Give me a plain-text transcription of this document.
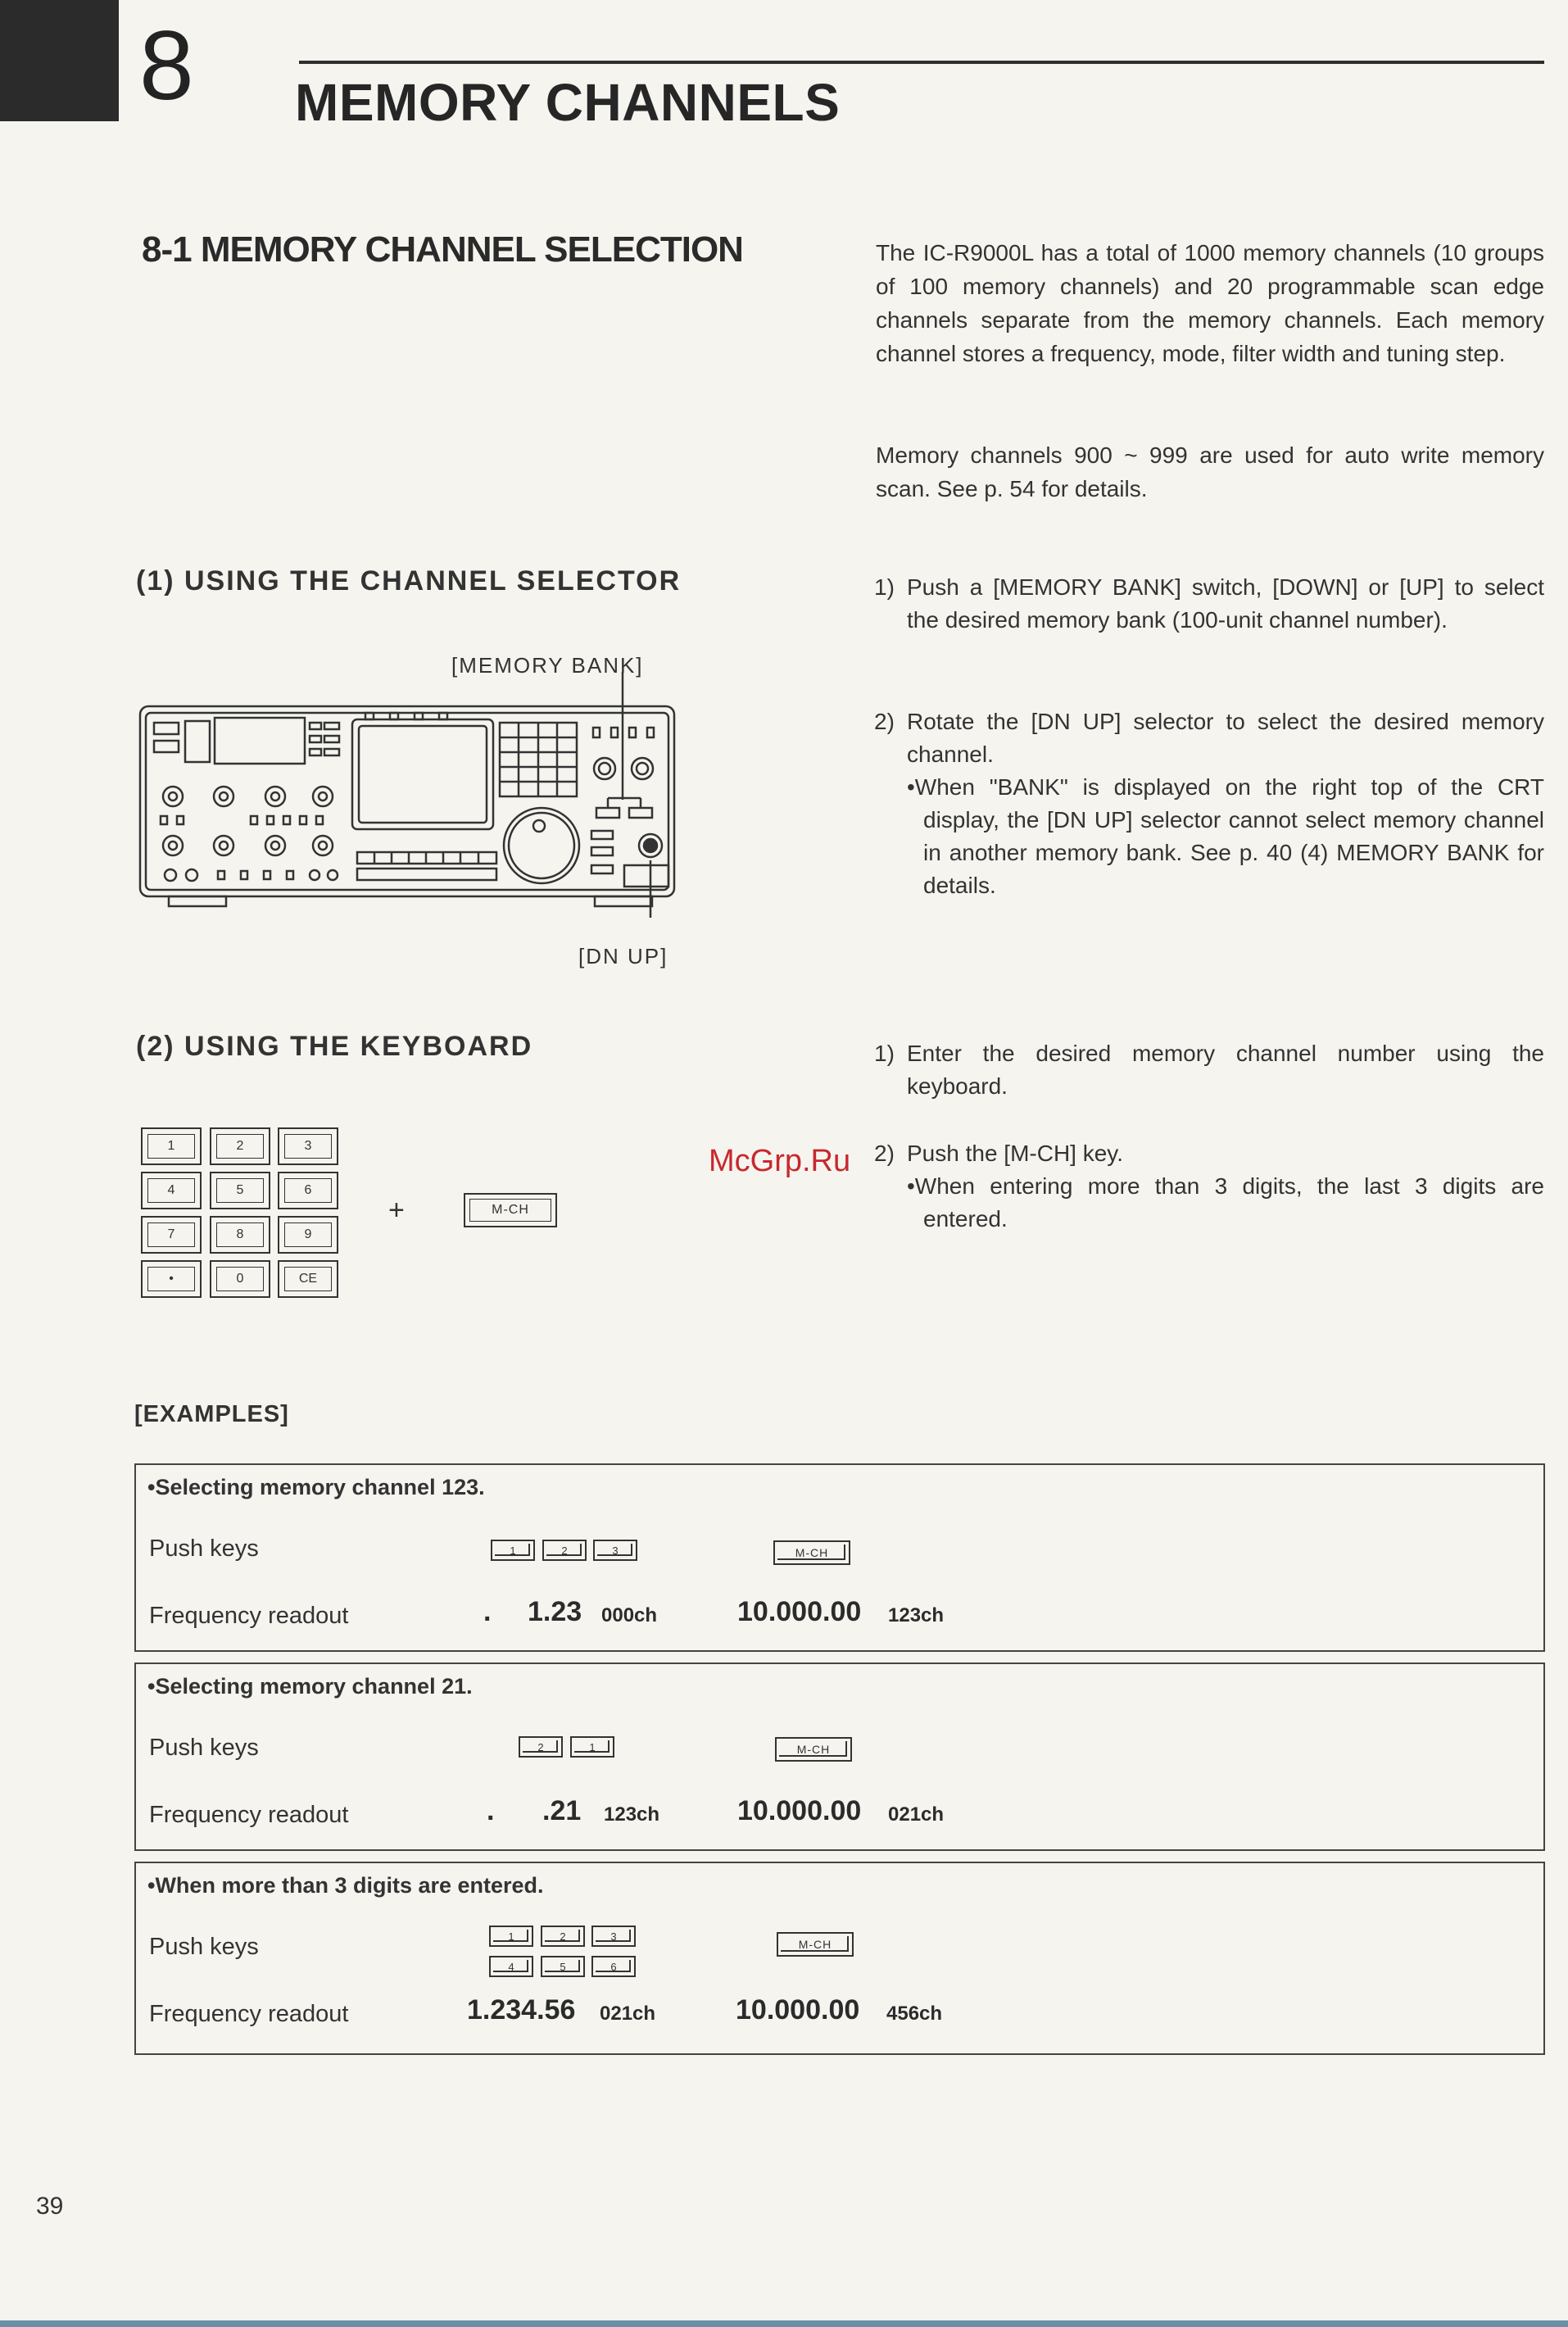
8 MEMORY CHANNELS
8-1 MEMORY CHANNEL SELECTION	The IC-R9000L has a total of 1000 memory channels (10 groups of 100 memory channels) and 20 programmable scan edge channels separate from the memory channels. Each memory channel stores a frequency, mode, filter width and tuning step.
Memory channels 900 ~ 999 are used for auto write memory scan. See p. 54 for details.
(1) USING THE CHANNEL SELECTOR
[MEMORY BANK]
[DN UP]
1) Push a [MEMORY BANK] switch, [DOWN] or [UP] to select the desired memory bank (100-unit channel number).
2) Rotate the [DN UP] selector to select the desired memory channel.
•When "BANK" is displayed on the right top of the CRT display, the [DN UP] selector cannot select memory channel in another memory bank. See p. 40 (4) MEMORY BANK for details.
(2) USING THE KEYBOARD
1	2	3
4	5	6
7	8	9
•	0	CE
+	M-CH
1) Enter the desired memory channel number using the keyboard.
2) Push the [M-CH] key.
•When entering more than 3 digits, the last 3 digits are entered.
McGrp.Ru
[EXAMPLES]
•Selecting memory channel 123.
Push keys	1	2	3	M-CH
Frequency readout	. 1.23 000ch	10.000.00 123ch
•Selecting memory channel 21.
Push keys	2	1	M-CH
Frequency readout	. .21 123ch	10.000.00 021ch
•When more than 3 digits are entered.
Push keys	1	2	3
4	5	6
M-CH
Frequency readout	1.234.56 021ch	10.000.00 456ch
39
